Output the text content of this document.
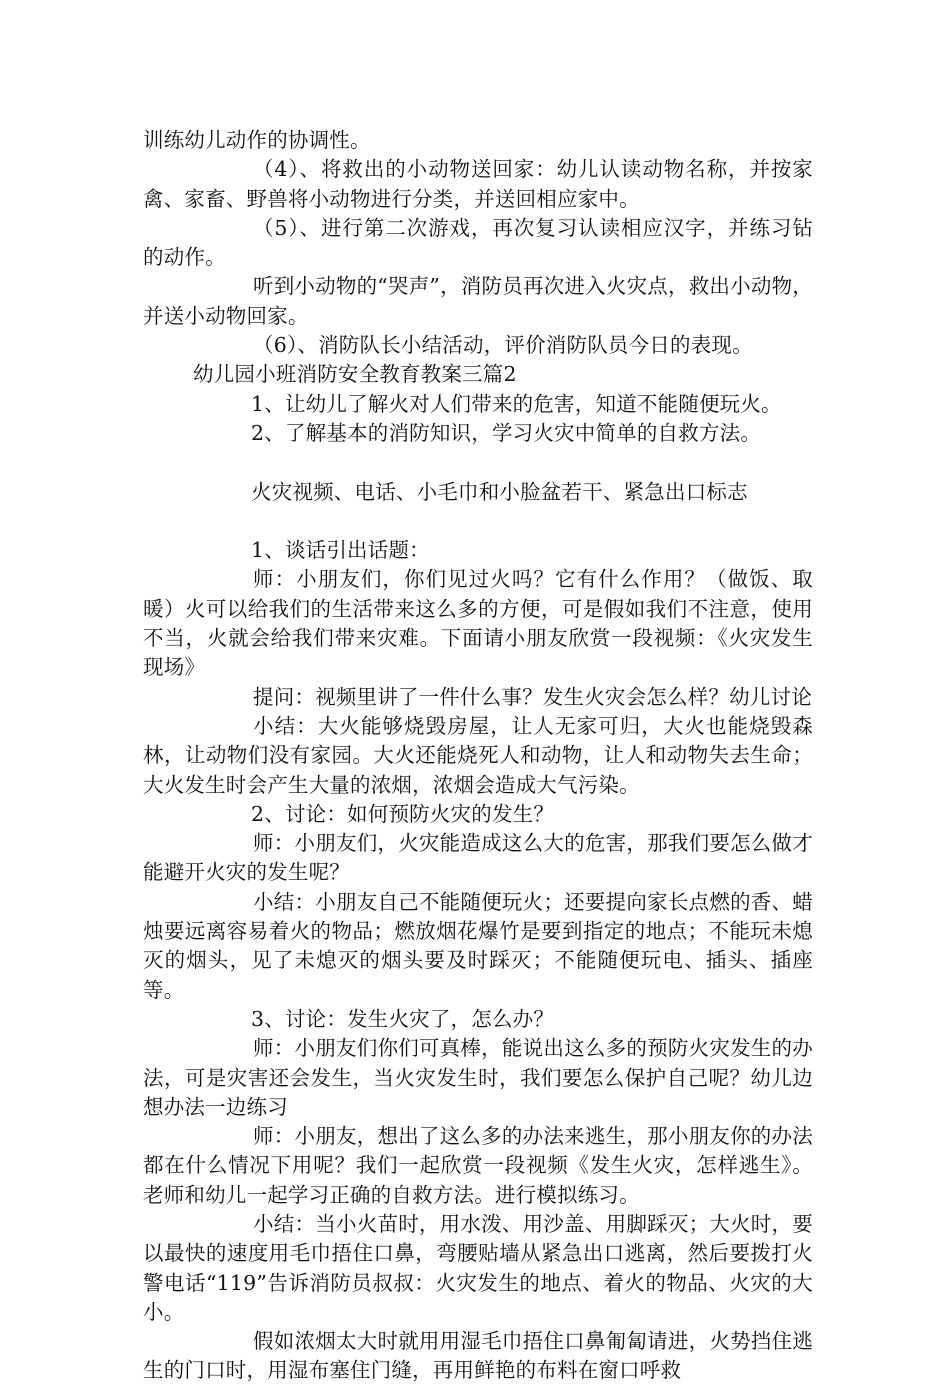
训练幼儿动作的协调性。

（4）、将救出的小动物送回家：幼儿认读动物名称，并按家禽、家畜、野兽将小动物进行分类，并送回相应家中。

（5）、进行第二次游戏，再次复习认读相应汉字，并练习钻的动作。

听到小动物的“哭声”，消防员再次进入火灾点，救出小动物，并送小动物回家。

（6）、消防队长小结活动，评价消防队员今日的表现。

幼儿园小班消防安全教育教案三篇2

1、让幼儿了解火对人们带来的危害，知道不能随便玩火。

2、了解基本的消防知识，学习火灾中简单的自救方法。

火灾视频、电话、小毛巾和小脸盆若干、紧急出口标志

1、谈话引出话题：

师：小朋友们，你们见过火吗？它有什么作用？（做饭、取暖）火可以给我们的生活带来这么多的方便，可是假如我们不注意，使用不当，火就会给我们带来灾难。下面请小朋友欣赏一段视频：《火灾发生现场》

提问：视频里讲了一件什么事？发生火灾会怎么样？幼儿讨论

小结：大火能够烧毁房屋，让人无家可归，大火也能烧毁森林，让动物们没有家园。大火还能烧死人和动物，让人和动物失去生命；大火发生时会产生大量的浓烟，浓烟会造成大气污染。

2、讨论：如何预防火灾的发生？

师：小朋友们，火灾能造成这么大的危害，那我们要怎么做才能避开火灾的发生呢？

小结：小朋友自己不能随便玩火；还要提向家长点燃的香、蜡烛要远离容易着火的物品；燃放烟花爆竹是要到指定的地点；不能玩未熄灭的烟头，见了未熄灭的烟头要及时踩灭；不能随便玩电、插头、插座等。

3、讨论：发生火灾了，怎么办？

师：小朋友们你们可真棒，能说出这么多的预防火灾发生的办法，可是灾害还会发生，当火灾发生时，我们要怎么保护自己呢？幼儿边想办法一边练习

师：小朋友，想出了这么多的办法来逃生，那小朋友你的办法都在什么情况下用呢？我们一起欣赏一段视频《发生火灾，怎样逃生》。老师和幼儿一起学习正确的自救方法。进行模拟练习。

小结：当小火苗时，用水泼、用沙盖、用脚踩灭；大火时，要以最快的速度用毛巾捂住口鼻，弯腰贴墙从紧急出口逃离，然后要拨打火警电话“119”告诉消防员叔叔：火灾发生的地点、着火的物品、火灾的大小。

假如浓烟太大时就用用湿毛巾捂住口鼻匍匐请进，火势挡住逃生的门口时，用湿布塞住门缝，再用鲜艳的布料在窗口呼救
